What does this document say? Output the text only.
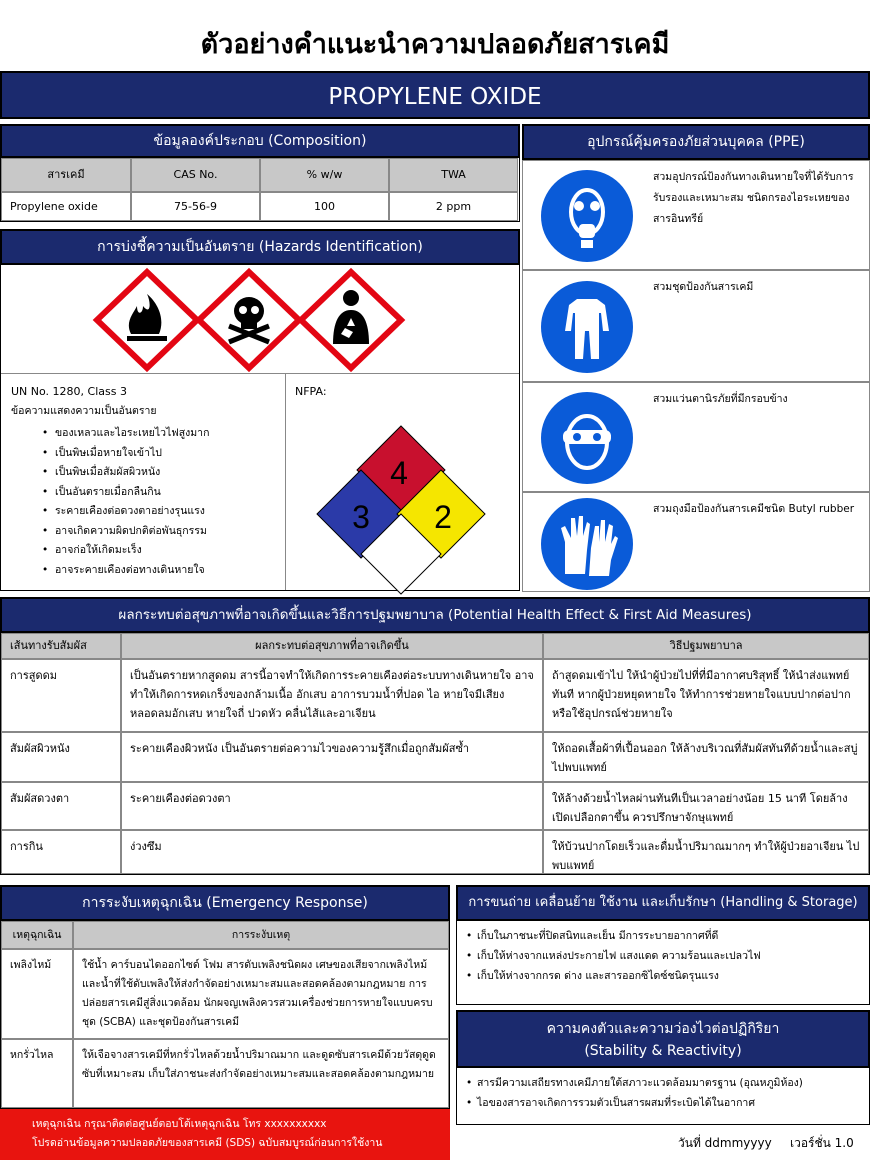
ตัวอย่างคำแนะนำความปลอดภัยสารเคมี
PROPYLENE OXIDE
ข้อมูลองค์ประกอบ (Composition)
สารเคมี	CAS No.	% w/w	TWA
Propylene oxide	75-56-9	100	2 ppm
การบ่งชี้ความเป็นอันตราย (Hazards Identification)
UN No. 1280, Class 3
ข้อความแสดงความเป็นอันตราย
• ของเหลวและไอระเหยไวไฟสูงมาก
• เป็นพิษเมื่อหายใจเข้าไป
• เป็นพิษเมื่อสัมผัสผิวหนัง
• เป็นอันตรายเมื่อกลืนกิน
• ระคายเคืองต่อดวงตาอย่างรุนแรง
• อาจเกิดความผิดปกติต่อพันธุกรรม
• อาจก่อให้เกิดมะเร็ง
• อาจระคายเคืองต่อทางเดินหายใจ
NFPA:
4
3 2
อุปกรณ์คุ้มครองภัยส่วนบุคคล (PPE)
สวมอุปกรณ์ป้องกันทางเดินหายใจที่ได้รับการรับรองและเหมาะสม ชนิดกรองไอระเหยของสารอินทรีย์
สวมชุดป้องกันสารเคมี
สวมแว่นตานิรภัยที่มีกรอบข้าง
สวมถุงมือป้องกันสารเคมีชนิด Butyl rubber
ผลกระทบต่อสุขภาพที่อาจเกิดขึ้นและวิธีการปฐมพยาบาล (Potential Health Effect & First Aid Measures)
เส้นทางรับสัมผัส	ผลกระทบต่อสุขภาพที่อาจเกิดขึ้น	วิธีปฐมพยาบาล
การสูดดม	เป็นอันตรายหากสูดดม สารนี้อาจทำให้เกิดการระคายเคืองต่อระบบทางเดินหายใจ อาจทำให้เกิดการหดเกร็งของกล้ามเนื้อ อักเสบ อาการบวมน้ำที่ปอด ไอ หายใจมีเสียง หลอดลมอักเสบ หายใจถี่ ปวดหัว คลื่นไส้และอาเจียน
ถ้าสูดดมเข้าไป ให้นำผู้ป่วยไปที่ที่มีอากาศบริสุทธิ์ ให้นำส่งแพทย์ทันที หากผู้ป่วยหยุดหายใจ ให้ทำการช่วยหายใจแบบปากต่อปากหรือใช้อุปกรณ์ช่วยหายใจ
สัมผัสผิวหนัง	ระคายเคืองผิวหนัง เป็นอันตรายต่อความไวของความรู้สึกเมื่อถูกสัมผัสซ้ำ	ให้ถอดเสื้อผ้าที่เปื้อนออก ให้ล้างบริเวณที่สัมผัสทันทีด้วยน้ำและสบู่ ไปพบแพทย์
สัมผัสดวงตา	ระคายเคืองต่อดวงตา	ให้ล้างด้วยน้ำไหลผ่านทันทีเป็นเวลาอย่างน้อย 15 นาที โดยล้างเปิดเปลือกตาขึ้น ควรปรึกษาจักษุแพทย์
การกิน	ง่วงซึม	ให้บ้วนปากโดยเร็วและดื่มน้ำปริมาณมากๆ ทำให้ผู้ป่วยอาเจียน ไปพบแพทย์
การระงับเหตุฉุกเฉิน (Emergency Response)
เหตุฉุกเฉิน	การระงับเหตุ
เพลิงไหม้	ใช้น้ำ คาร์บอนไดออกไซด์ โฟม สารดับเพลิงชนิดผง เศษของเสียจากเพลิงไหม้และน้ำที่ใช้ดับเพลิงให้ส่งกำจัดอย่างเหมาะสมและสอดคล้องตามกฎหมาย การปล่อยสารเคมีสู่สิ่งแวดล้อม นักผจญเพลิงควรสวมเครื่องช่วยการหายใจแบบครบชุด (SCBA) และชุดป้องกันสารเคมี
หกรั่วไหล	ให้เจือจางสารเคมีที่หกรั่วไหลด้วยน้ำปริมาณมาก และดูดซับสารเคมีด้วยวัสดุดูดซับที่เหมาะสม เก็บใส่ภาชนะส่งกำจัดอย่างเหมาะสมและสอดคล้องตามกฎหมาย
เหตุฉุกเฉิน กรุณาติดต่อศูนย์ตอบโต้เหตุฉุกเฉิน โทร xxxxxxxxxx
โปรดอ่านข้อมูลความปลอดภัยของสารเคมี (SDS) ฉบับสมบูรณ์ก่อนการใช้งาน
การขนถ่าย เคลื่อนย้าย ใช้งาน และเก็บรักษา (Handling & Storage)
• เก็บในภาชนะที่ปิดสนิทและเย็น มีการระบายอากาศที่ดี
• เก็บให้ห่างจากแหล่งประกายไฟ แสงแดด ความร้อนและเปลวไฟ
• เก็บให้ห่างจากกรด ด่าง และสารออกซิไดซ์ชนิดรุนแรง
ความคงตัวและความว่องไวต่อปฏิกิริยา
(Stability & Reactivity)
• สารมีความเสถียรทางเคมีภายใต้สภาวะแวดล้อมมาตรฐาน (อุณหภูมิห้อง)
• ไอของสารอาจเกิดการรวมตัวเป็นสารผสมที่ระเบิดได้ในอากาศ
วันที่ ddmmyyyy เวอร์ชั่น 1.0
